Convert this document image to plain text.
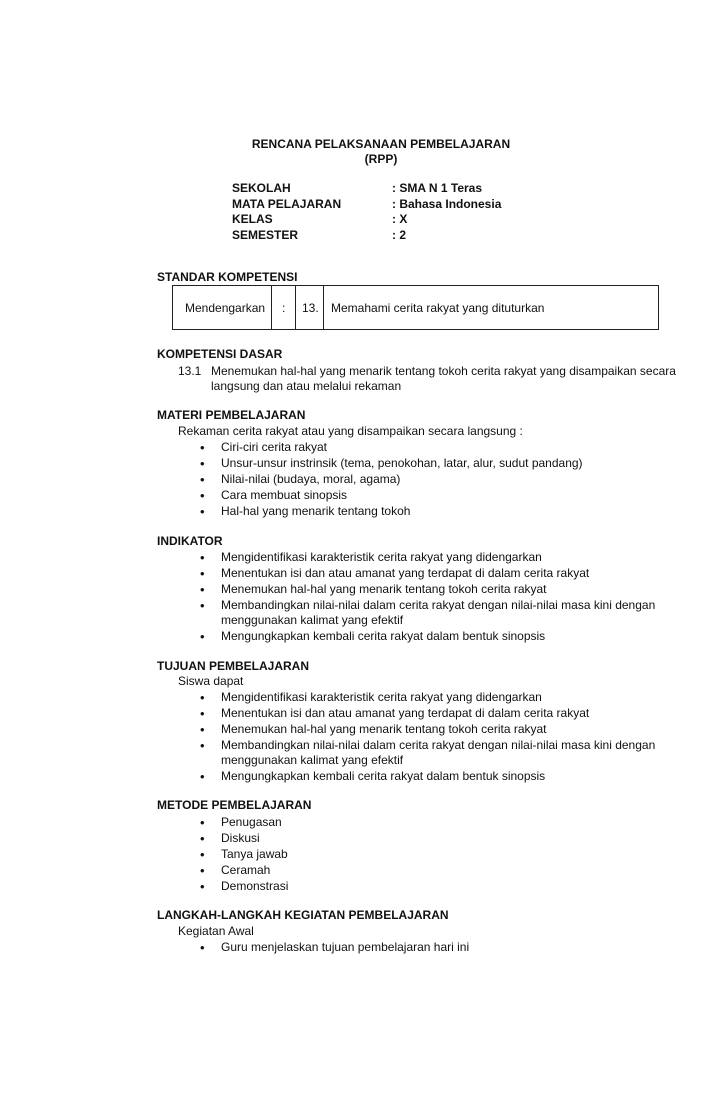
RENCANA PELAKSANAAN PEMBELAJARAN
(RPP)
SEKOLAH	: SMA N 1 Teras
MATA PELAJARAN	: Bahasa Indonesia
KELAS	: X
SEMESTER	: 2
STANDAR KOMPETENSI
Mendengarkan : 13. Memahami cerita rakyat yang dituturkan
KOMPETENSI DASAR
13.1 Menemukan hal-hal yang menarik tentang tokoh cerita rakyat yang disampaikan secara
langsung dan atau melalui rekaman
MATERI PEMBELAJARAN
Rekaman cerita rakyat atau yang disampaikan secara langsung :
• Ciri-ciri cerita rakyat
• Unsur-unsur instrinsik (tema, penokohan, latar, alur, sudut pandang)
• Nilai-nilai (budaya, moral, agama)
• Cara membuat sinopsis
• Hal-hal yang menarik tentang tokoh
INDIKATOR
• Mengidentifikasi karakteristik cerita rakyat yang didengarkan
• Menentukan isi dan atau amanat yang terdapat di dalam cerita rakyat
• Menemukan hal-hal yang menarik tentang tokoh cerita rakyat
• Membandingkan nilai-nilai dalam cerita rakyat dengan nilai-nilai masa kini dengan
menggunakan kalimat yang efektif
• Mengungkapkan kembali cerita rakyat dalam bentuk sinopsis
TUJUAN PEMBELAJARAN
Siswa dapat
• Mengidentifikasi karakteristik cerita rakyat yang didengarkan
• Menentukan isi dan atau amanat yang terdapat di dalam cerita rakyat
• Menemukan hal-hal yang menarik tentang tokoh cerita rakyat
• Membandingkan nilai-nilai dalam cerita rakyat dengan nilai-nilai masa kini dengan
menggunakan kalimat yang efektif
• Mengungkapkan kembali cerita rakyat dalam bentuk sinopsis
METODE PEMBELAJARAN
• Penugasan
• Diskusi
• Tanya jawab
• Ceramah
• Demonstrasi
LANGKAH-LANGKAH KEGIATAN PEMBELAJARAN
Kegiatan Awal
• Guru menjelaskan tujuan pembelajaran hari ini
